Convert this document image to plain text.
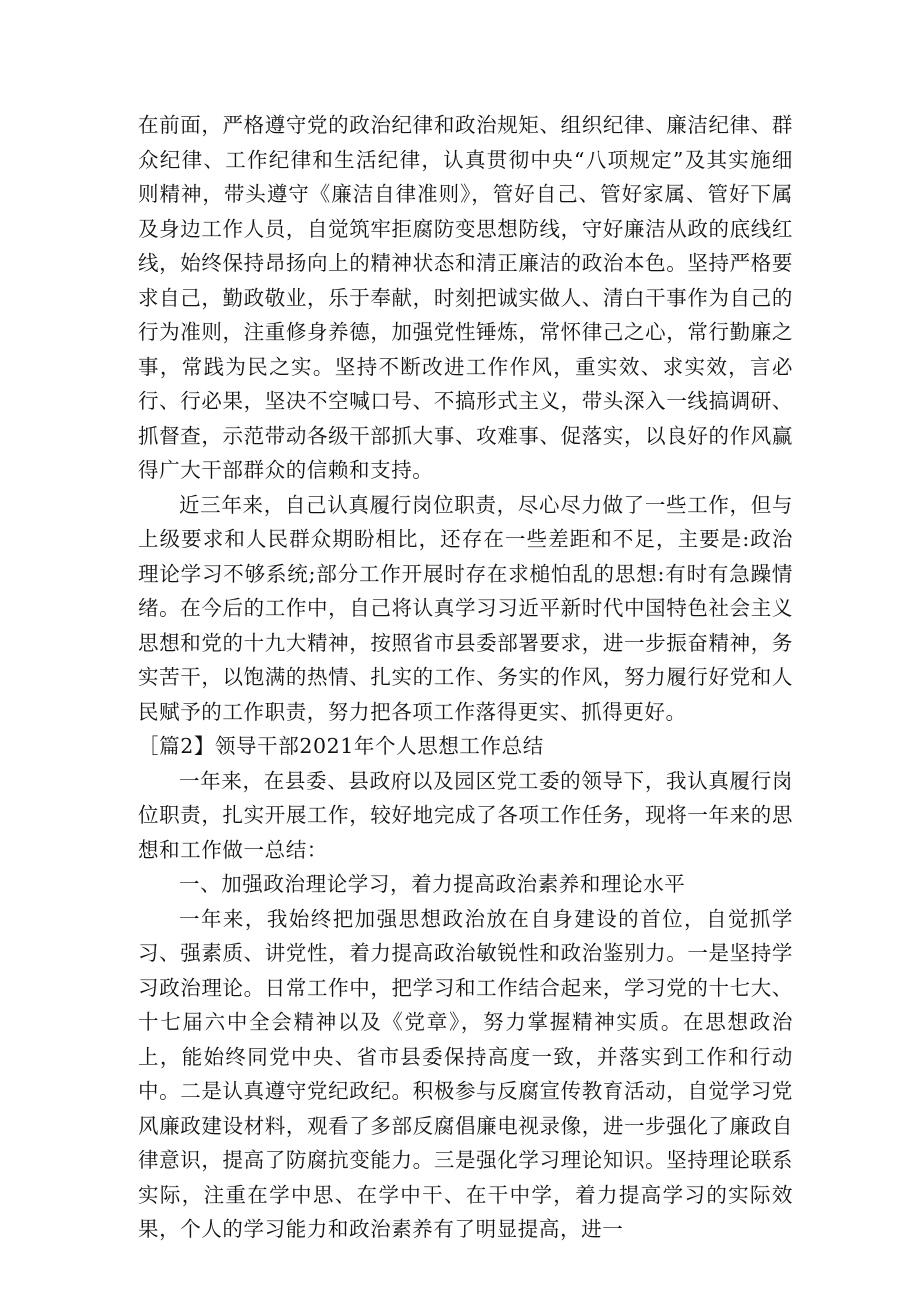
在前面，严格遵守党的政治纪律和政治规矩、组织纪律、廉洁纪律、群众纪律、工作纪律和生活纪律，认真贯彻中央“八项规定”及其实施细则精神，带头遵守《廉洁自律准则》，管好自己、管好家属、管好下属及身边工作人员，自觉筑牢拒腐防变思想防线，守好廉洁从政的底线红线，始终保持昂扬向上的精神状态和清正廉洁的政治本色。坚持严格要求自己，勤政敬业，乐于奉献，时刻把诚实做人、清白干事作为自己的行为准则，注重修身养德，加强党性锤炼，常怀律己之心，常行勤廉之事，常践为民之实。坚持不断改进工作作风，重实效、求实效，言必行、行必果，坚决不空喊口号、不搞形式主义，带头深入一线搞调研、抓督查，示范带动各级干部抓大事、攻难事、促落实，以良好的作风赢得广大干部群众的信赖和支持。

近三年来，自己认真履行岗位职责，尽心尽力做了一些工作，但与上级要求和人民群众期盼相比，还存在一些差距和不足，主要是:政治理论学习不够系统;部分工作开展时存在求槌怕乱的思想:有时有急躁情绪。在今后的工作中，自己将认真学习习近平新时代中国特色社会主义思想和党的十九大精神，按照省市县委部署要求，进一步振奋精神，务实苦干，以饱满的热情、扎实的工作、务实的作风，努力履行好党和人民赋予的工作职责，努力把各项工作落得更实、抓得更好。

［篇2】领导干部2021年个人思想工作总结

一年来，在县委、县政府以及园区党工委的领导下，我认真履行岗位职责，扎实开展工作，较好地完成了各项工作任务，现将一年来的思想和工作做一总结：

一、加强政治理论学习，着力提高政治素养和理论水平

一年来，我始终把加强思想政治放在自身建设的首位，自觉抓学习、强素质、讲党性，着力提高政治敏锐性和政治鉴别力。一是坚持学习政治理论。日常工作中，把学习和工作结合起来，学习党的十七大、十七届六中全会精神以及《党章》，努力掌握精神实质。在思想政治上，能始终同党中央、省市县委保持高度一致，并落实到工作和行动中。二是认真遵守党纪政纪。积极参与反腐宣传教育活动，自觉学习党风廉政建设材料，观看了多部反腐倡廉电视录像，进一步强化了廉政自律意识，提高了防腐抗变能力。三是强化学习理论知识。坚持理论联系实际，注重在学中思、在学中干、在干中学，着力提高学习的实际效果，个人的学习能力和政治素养有了明显提高，进一
